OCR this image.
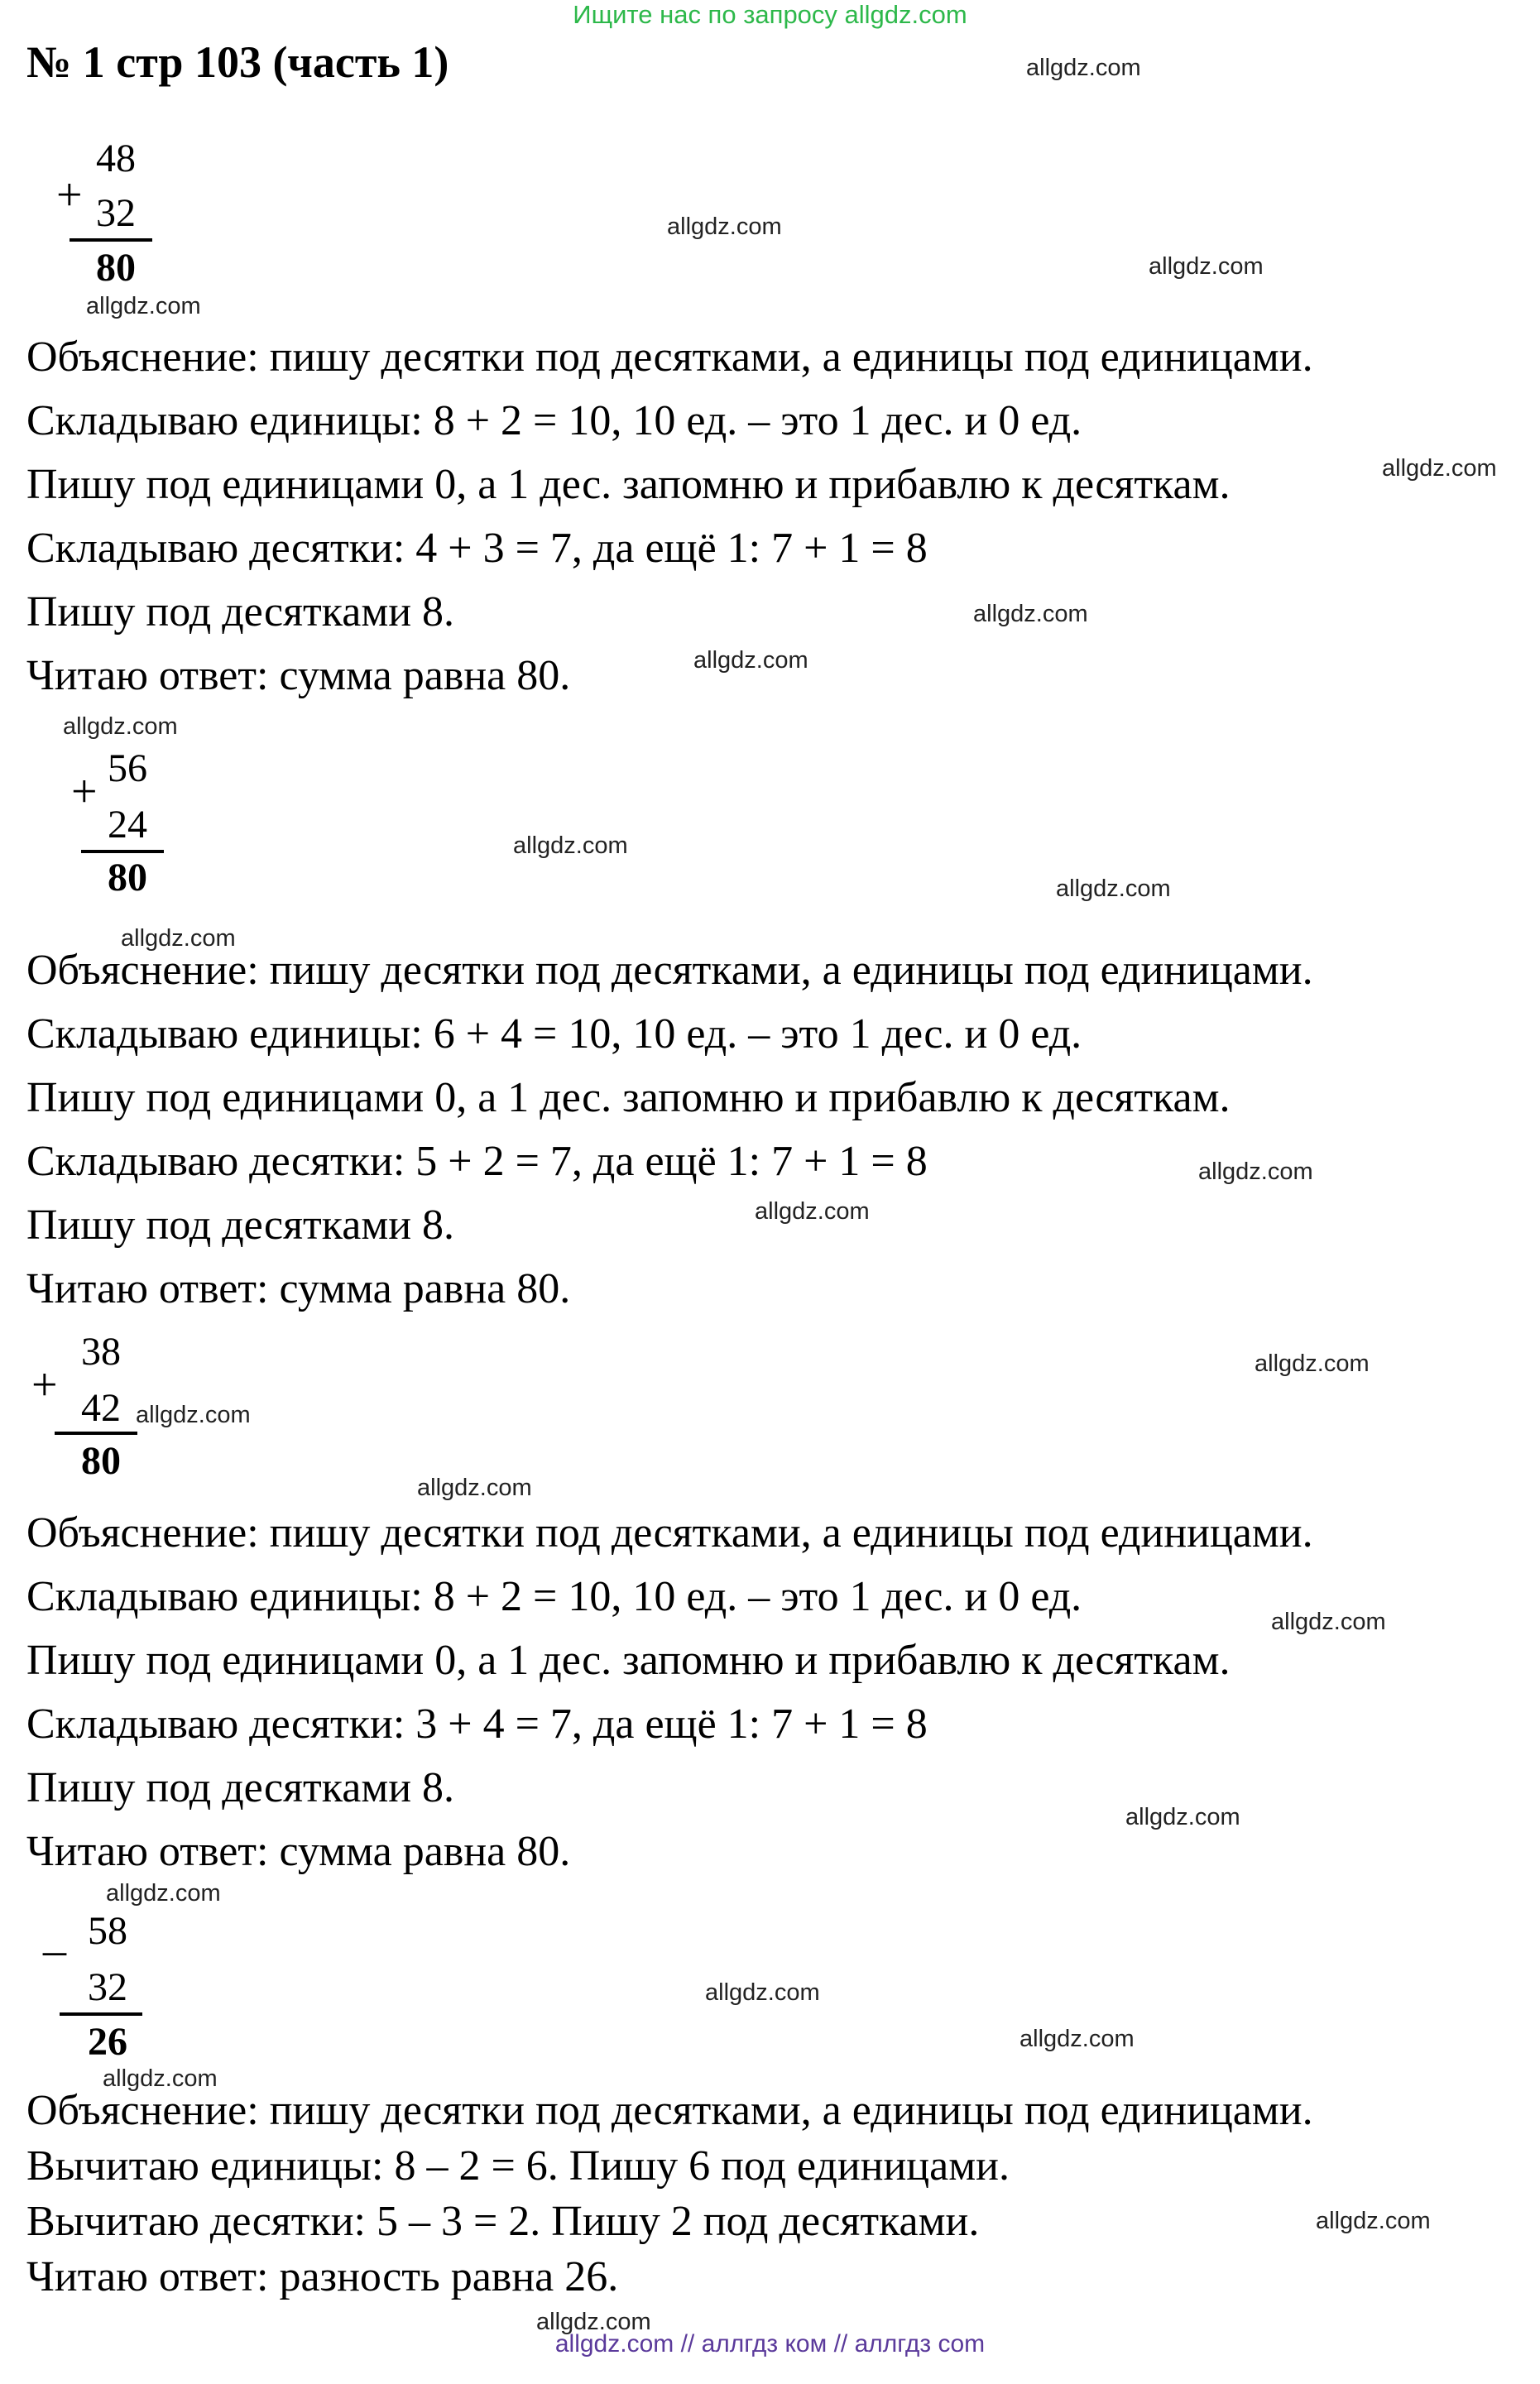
Ищите нас по запросу allgdz.com
№ 1 стр 103 (часть 1)
+
48
32
80
Объяснение: пишу десятки под десятками, а единицы под единицами.
Складываю единицы: 8 + 2 = 10, 10 ед. – это 1 дес. и 0 ед.
Пишу под единицами 0, а 1 дес. запомню и прибавлю к десяткам.
Складываю десятки: 4 + 3 = 7, да ещё 1: 7 + 1 = 8
Пишу под десятками 8.
Читаю ответ: сумма равна 80.
+ 56
24
80
Объяснение: пишу десятки под десятками, а единицы под единицами.
Складываю единицы: 6 + 4 = 10, 10 ед. – это 1 дес. и 0 ед.
Пишу под единицами 0, а 1 дес. запомню и прибавлю к десяткам.
Складываю десятки: 5 + 2 = 7, да ещё 1: 7 + 1 = 8
Пишу под десятками 8.
Читаю ответ: сумма равна 80.
+
38
42
80
Объяснение: пишу десятки под десятками, а единицы под единицами.
Складываю единицы: 8 + 2 = 10, 10 ед. – это 1 дес. и 0 ед.
Пишу под единицами 0, а 1 дес. запомню и прибавлю к десяткам.
Складываю десятки: 3 + 4 = 7, да ещё 1: 7 + 1 = 8
Пишу под десятками 8.
Читаю ответ: сумма равна 80.
_ 58
32
26
Объяснение: пишу десятки под десятками, а единицы под единицами.
Вычитаю единицы: 8 – 2 = 6. Пишу 6 под единицами.
Вычитаю десятки: 5 – 3 = 2. Пишу 2 под десятками.
Читаю ответ: разность равна 26.
allgdz.com
allgdz.com
allgdz.com
allgdz.com
allgdz.com
allgdz.com
allgdz.com
allgdz.com
allgdz.com
allgdz.com
allgdz.com
allgdz.com
allgdz.com
allgdz.com
allgdz.com
allgdz.com
allgdz.com
allgdz.com
allgdz.com
allgdz.com
allgdz.com
allgdz.com
allgdz.com
allgdz.com
allgdz.com // аллгдз ком // аллгдз com
